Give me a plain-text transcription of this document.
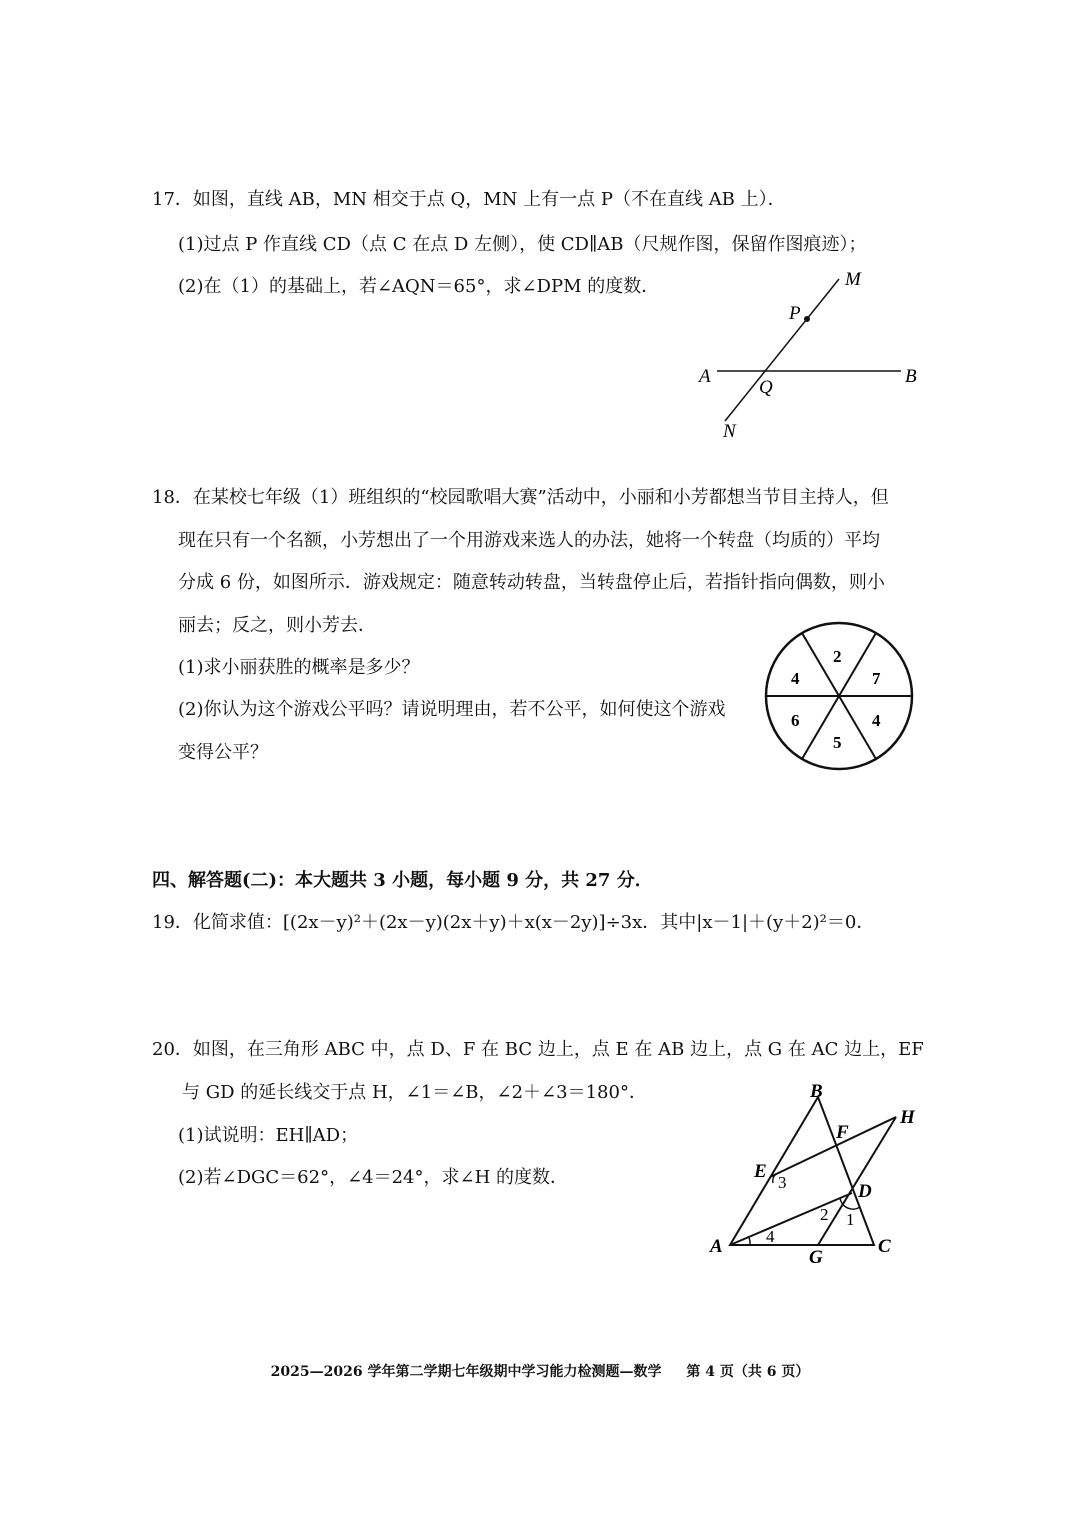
17．如图，直线 AB，MN 相交于点 Q，MN 上有一点 P（不在直线 AB 上）．
(1)过点 P 作直线 CD（点 C 在点 D 左侧），使 CD∥AB（尺规作图，保留作图痕迹）；
(2)在（1）的基础上，若∠AQN＝65°，求∠DPM 的度数．	M
P
A
Q
B
N
18．在某校七年级（1）班组织的“校园歌唱大赛”活动中，小丽和小芳都想当节目主持人，但
现在只有一个名额，小芳想出了一个用游戏来选人的办法，她将一个转盘（均质的）平均
分成 6 份，如图所示．游戏规定：随意转动转盘，当转盘停止后，若指针指向偶数，则小
丽去；反之，则小芳去．
(1)求小丽获胜的概率是多少？
(2)你认为这个游戏公平吗？请说明理由，若不公平，如何使这个游戏
变得公平？
2
7
4
5
6
4
四、解答题(二)：本大题共 3 小题，每小题 9 分，共 27 分．
19．化简求值：[(2x－y)²＋(2x－y)(2x＋y)＋x(x－2y)]÷3x．其中|x－1|＋(y＋2)²＝0．
20．如图，在三角形 ABC 中，点 D、F 在 BC 边上，点 E 在 AB 边上，点 G 在 AC 边上，EF
与 GD 的延长线交于点 H，∠1＝∠B，∠2＋∠3＝180°．
(1)试说明：EH∥AD；
(2)若∠DGC＝62°，∠4＝24°，求∠H 的度数．
B
H
F
E
3	D
2 1
A	4
G
C
2025—2026 学年第二学期七年级期中学习能力检测题—数学 第 4 页（共 6 页）
